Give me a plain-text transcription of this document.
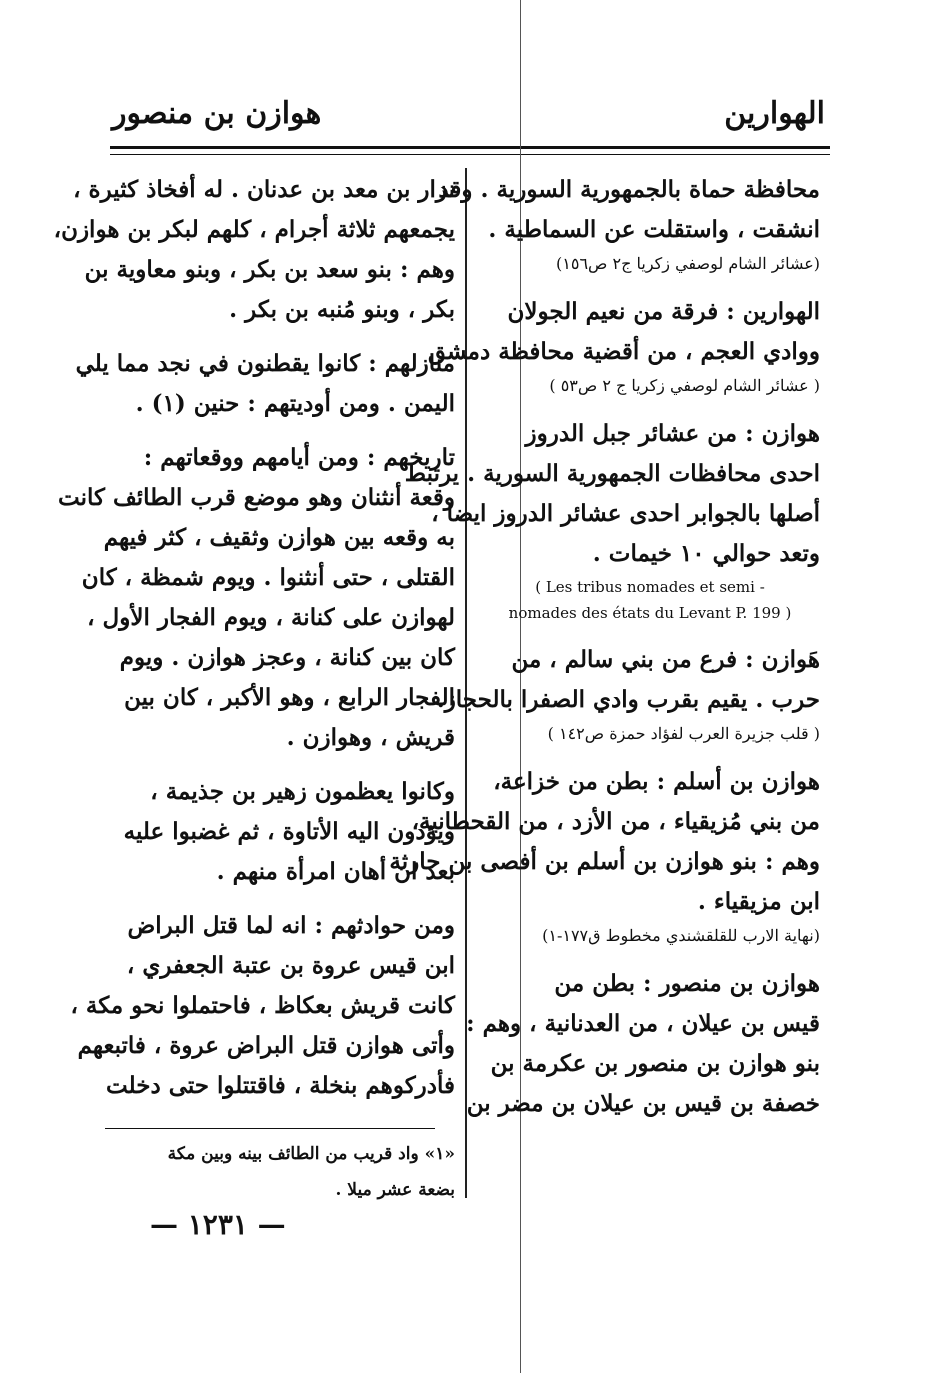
الهوارين
هوازن بن منصور
محافظة حماة بالجمهورية السورية . وقد
انشقت ، واستقلت عن السماطية .
(عشائر الشام لوصفي زكريا ج٢ ص١٥٦)
الهوارين : فرقة من نعيم الجولان
ووادي العجم ، من أقضية محافظة دمشق
( عشائر الشام لوصفي زكريا ج ٢ ص٥٣ )
هوازن : من عشائر جبل الدروز
احدى محافظات الجمهورية السورية . يرتبط
أصلها بالجوابر احدى عشائر الدروز ايضا ،
وتعد حوالي ١٠ خيمات .
( Les tribus nomades et semi -
nomades des états du Levant P. 199 )
هَوازن : فرع من بني سالم ، من
حرب . يقيم بقرب وادي الصفرا بالحجاز.
( قلب جزيرة العرب لفؤاد حمزة ص١٤٢ )
هوازن بن أسلم : بطن من خزاعة،
من بني مُزيقياء ، من الأزد ، من القحطانية،
وهم : بنو هوازن بن أسلم بن أفصى بن حارثة
ابن مزيقياء .
(نهاية الارب للقلقشندي مخطوط ق١٧٧-١)
هوازن بن منصور : بطن من
قيس بن عيلان ، من العدنانية ، وهم :
بنو هوازن بن منصور بن عكرمة بن
خصفة بن قيس بن عيلان بن مضر بن
نزار بن معد بن عدنان . له أفخاذ كثيرة ،
يجمعهم ثلاثة أجرام ، كلهم لبكر بن هوازن،
وهم : بنو سعد بن بكر ، وبنو معاوية بن
بكر ، وبنو مُنبه بن بكر .
منازلهم : كانوا يقطنون في نجد مما يلي
اليمن . ومن أوديتهم : حنين (١) .
تاريخهم : ومن أيامهم ووقعاتهم :
وقعة أنثنان وهو موضع قرب الطائف كانت
به وقعه بين هوازن وثقيف ، كثر فيهم
القتلى ، حتى أنثنوا . ويوم شمظة ، كان
لهوازن على كنانة ، ويوم الفجار الأول ،
كان بين كنانة ، وعجز هوازن . ويوم
الفجار الرابع ، وهو الأكبر ، كان بين
قريش ، وهوازن .
وكانوا يعظمون زهير بن جذيمة ،
ويؤدون اليه الأتاوة ، ثم غضبوا عليه
بعد ان أهان امرأة منهم .
ومن حوادثهم : انه لما قتل البراض
ابن قيس عروة بن عتبة الجعفري ،
كانت قريش بعكاظ ، فاحتملوا نحو مكة ،
وأتى هوازن قتل البراض عروة ، فاتبعهم
فأدركوهم بنخلة ، فاقتتلوا حتى دخلت
«١» واد قريب من الطائف بينه وبين مكة
بضعة عشر ميلا .
— ١٢٣١ —
